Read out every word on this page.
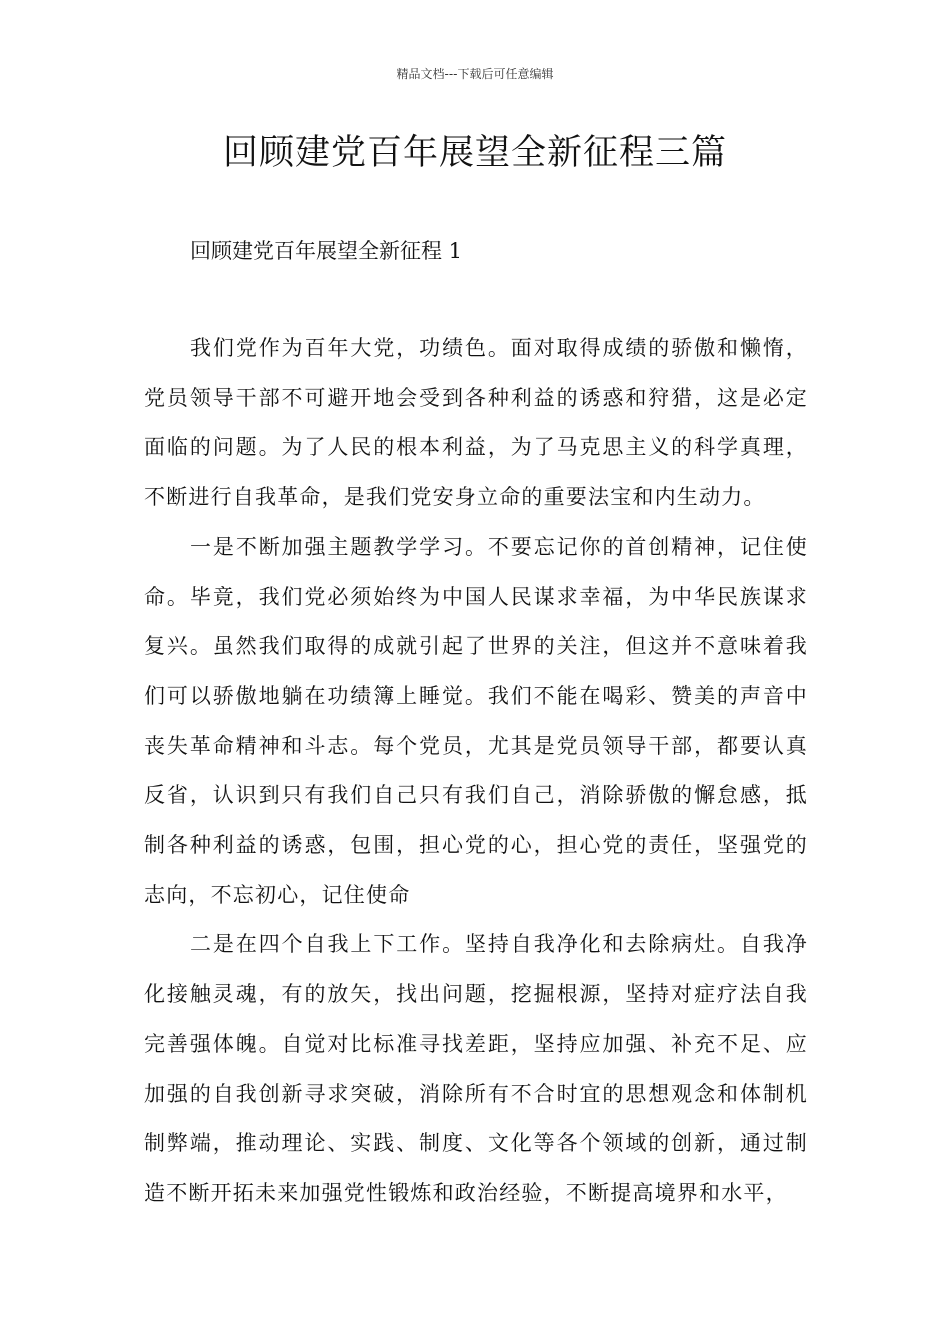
精品文档---下载后可任意编辑
回顾建党百年展望全新征程三篇
回顾建党百年展望全新征程 1

我们党作为百年大党，功绩色。面对取得成绩的骄傲和懒惰，党员领导干部不可避开地会受到各种利益的诱惑和狩猎，这是必定面临的问题。为了人民的根本利益，为了马克思主义的科学真理，不断进行自我革命，是我们党安身立命的重要法宝和内生动力。

一是不断加强主题教学学习。不要忘记你的首创精神，记住使命。毕竟，我们党必须始终为中国人民谋求幸福，为中华民族谋求复兴。虽然我们取得的成就引起了世界的关注，但这并不意味着我们可以骄傲地躺在功绩簿上睡觉。我们不能在喝彩、赞美的声音中丧失革命精神和斗志。每个党员，尤其是党员领导干部，都要认真反省，认识到只有我们自己只有我们自己，消除骄傲的懈怠感，抵制各种利益的诱惑，包围，担心党的心，担心党的责任，坚强党的志向，不忘初心，记住使命

二是在四个自我上下工作。坚持自我净化和去除病灶。自我净化接触灵魂，有的放矢，找出问题，挖掘根源，坚持对症疗法自我完善强体魄。自觉对比标准寻找差距，坚持应加强、补充不足、应加强的自我创新寻求突破，消除所有不合时宜的思想观念和体制机制弊端，推动理论、实践、制度、文化等各个领域的创新，通过制造不断开拓未来加强党性锻炼和政治经验，不断提高境界和水平，
